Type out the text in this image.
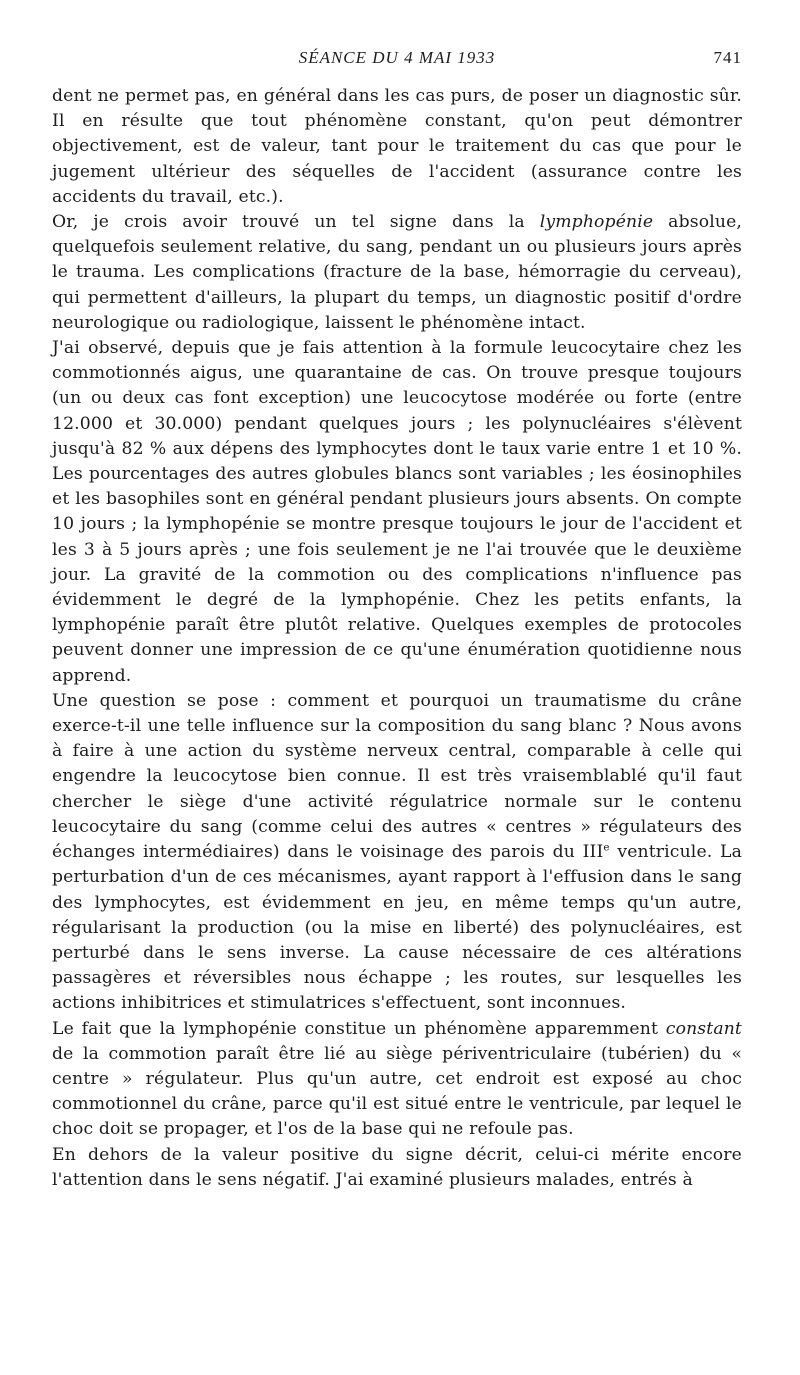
SÉANCE DU 4 MAI 1933	741

dent ne permet pas, en général dans les cas purs, de poser un diagnostic sûr. Il en résulte que tout phénomène constant, qu'on peut démontrer objectivement, est de valeur, tant pour le traitement du cas que pour le jugement ultérieur des séquelles de l'accident (assurance contre les accidents du travail, etc.).

Or, je crois avoir trouvé un tel signe dans la lymphopénie absolue, quelquefois seulement relative, du sang, pendant un ou plusieurs jours après le trauma. Les complications (fracture de la base, hémorragie du cerveau), qui permettent d'ailleurs, la plupart du temps, un diagnostic positif d'ordre neurologique ou radiologique, laissent le phénomène intact.

J'ai observé, depuis que je fais attention à la formule leucocytaire chez les commotionnés aigus, une quarantaine de cas. On trouve presque toujours (un ou deux cas font exception) une leucocytose modérée ou forte (entre 12.000 et 30.000) pendant quelques jours ; les polynucléaires s'élèvent jusqu'à 82 % aux dépens des lymphocytes dont le taux varie entre 1 et 10 %. Les pourcentages des autres globules blancs sont variables ; les éosinophiles et les basophiles sont en général pendant plusieurs jours absents. On compte 10 jours ; la lymphopénie se montre presque toujours le jour de l'accident et les 3 à 5 jours après ; une fois seulement je ne l'ai trouvée que le deuxième jour. La gravité de la commotion ou des complications n'influence pas évidemment le degré de la lymphopénie. Chez les petits enfants, la lymphopénie paraît être plutôt relative. Quelques exemples de protocoles peuvent donner une impression de ce qu'une énumération quotidienne nous apprend.

Une question se pose : comment et pourquoi un traumatisme du crâne exerce-t-il une telle influence sur la composition du sang blanc ? Nous avons à faire à une action du système nerveux central, comparable à celle qui engendre la leucocytose bien connue. Il est très vraisemblablé qu'il faut chercher le siège d'une activité régulatrice normale sur le contenu leucocytaire du sang (comme celui des autres « centres » régulateurs des échanges intermédiaires) dans le voisinage des parois du IIIe ventricule. La perturbation d'un de ces mécanismes, ayant rapport à l'effusion dans le sang des lymphocytes, est évidemment en jeu, en même temps qu'un autre, régularisant la production (ou la mise en liberté) des polynucléaires, est perturbé dans le sens inverse. La cause nécessaire de ces altérations passagères et réversibles nous échappe ; les routes, sur lesquelles les actions inhibitrices et stimulatrices s'effectuent, sont inconnues.

Le fait que la lymphopénie constitue un phénomène apparemment constant de la commotion paraît être lié au siège périventriculaire (tubérien) du « centre » régulateur. Plus qu'un autre, cet endroit est exposé au choc commotionnel du crâne, parce qu'il est situé entre le ventricule, par lequel le choc doit se propager, et l'os de la base qui ne refoule pas.

En dehors de la valeur positive du signe décrit, celui-ci mérite encore l'attention dans le sens négatif. J'ai examiné plusieurs malades, entrés à
